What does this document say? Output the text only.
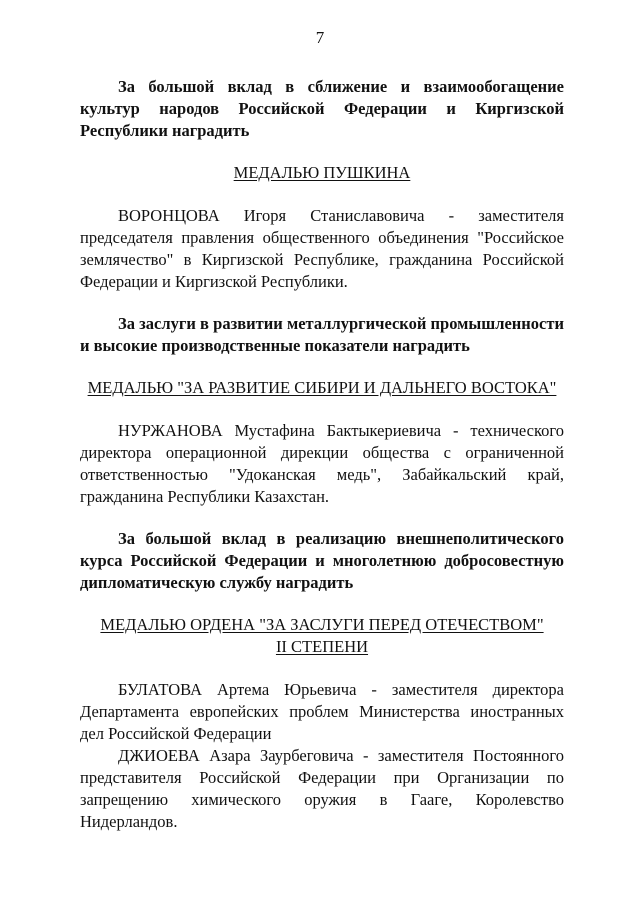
7
За большой вклад в сближение и взаимообогащение культур народов Российской Федерации и Киргизской Республики наградить
МЕДАЛЬЮ ПУШКИНА
ВОРОНЦОВА Игоря Станиславовича - заместителя председателя правления общественного объединения "Российское землячество" в Киргизской Республике, гражданина Российской Федерации и Киргизской Республики.
За заслуги в развитии металлургической промышленности и высокие производственные показатели наградить
МЕДАЛЬЮ "ЗА РАЗВИТИЕ СИБИРИ И ДАЛЬНЕГО ВОСТОКА"
НУРЖАНОВА Мустафина Бактыкериевича - технического директора операционной дирекции общества с ограниченной ответственностью "Удоканская медь", Забайкальский край, гражданина Республики Казахстан.
За большой вклад в реализацию внешнеполитического курса Российской Федерации и многолетнюю добросовестную дипломатическую службу наградить
МЕДАЛЬЮ ОРДЕНА "ЗА ЗАСЛУГИ ПЕРЕД ОТЕЧЕСТВОМ"
II СТЕПЕНИ
БУЛАТОВА Артема Юрьевича - заместителя директора Департамента европейских проблем Министерства иностранных дел Российской Федерации
ДЖИОЕВА Азара Заурбеговича - заместителя Постоянного представителя Российской Федерации при Организации по запрещению химического оружия в Гааге, Королевство Нидерландов.
